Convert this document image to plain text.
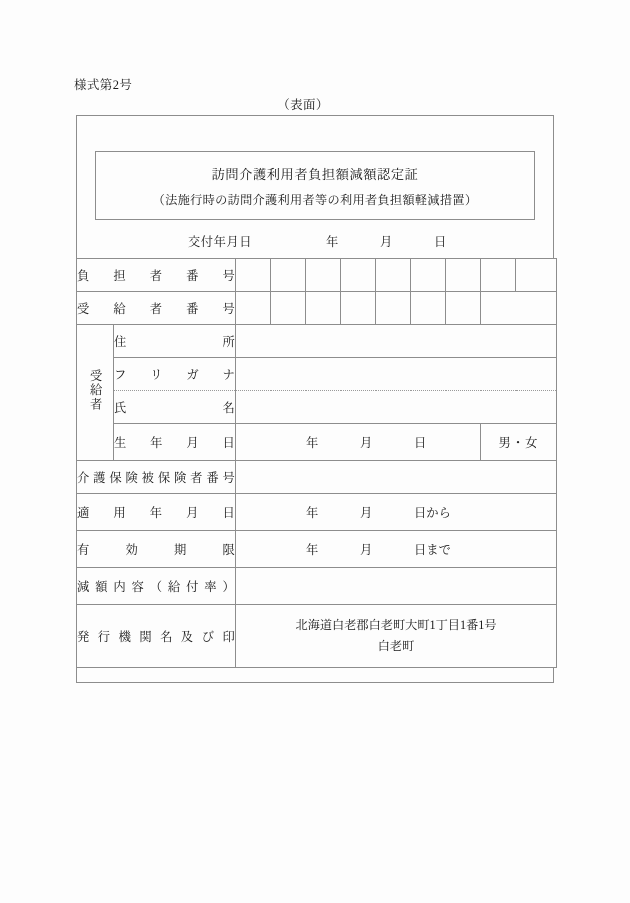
様式第2号
（表面）
訪問介護利用者負担額減額認定証
（法施行時の訪問介護利用者等の利用者負担額軽減措置）
交付年月日	年	月	日
負 担 者 番 号										
受 給 者 番 号										
受給者	住　　　　所									
	フ　リ　ガ　ナ									
	氏　　　　名									
	生　年　月　日	年 月 日							男・女	
介護保険被保険者番号										
適　用　年　月　日		年 月 日から								

有　　効　　期　　限		年 月 日まで								

減額内容（給付率）										
発行機関名及び印		北海道白老郡白老町大町1丁目1番1号
白老町								
